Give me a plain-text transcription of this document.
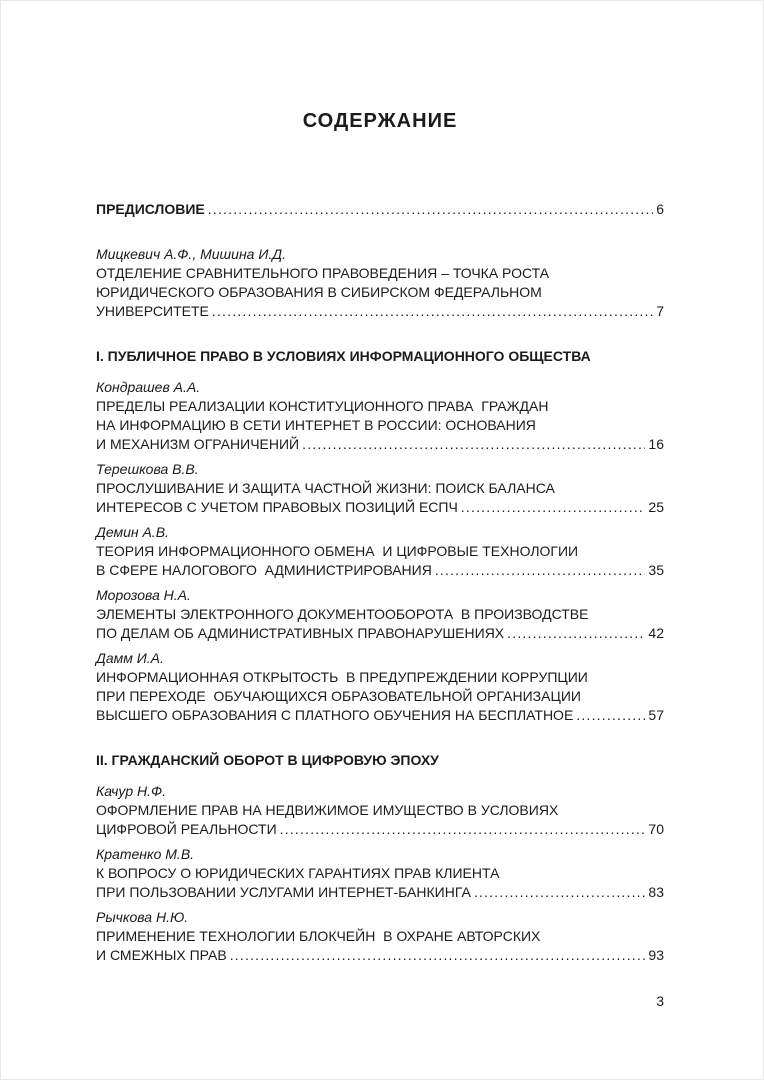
СОДЕРЖАНИЕ
ПРЕДИСЛОВИЕ .....	6
Мицкевич А.Ф., Мишина И.Д.
ОТДЕЛЕНИЕ СРАВНИТЕЛЬНОГО ПРАВОВЕДЕНИЯ – ТОЧКА РОСТА
ЮРИДИЧЕСКОГО ОБРАЗОВАНИЯ В СИБИРСКОМ ФЕДЕРАЛЬНОМ
УНИВЕРСИТЕТЕ .....	7
I. ПУБЛИЧНОЕ ПРАВО В УСЛОВИЯХ ИНФОРМАЦИОННОГО ОБЩЕСТВА
Кондрашев А.А.
ПРЕДЕЛЫ РЕАЛИЗАЦИИ КОНСТИТУЦИОННОГО ПРАВА  ГРАЖДАН
НА ИНФОРМАЦИЮ В СЕТИ ИНТЕРНЕТ В РОССИИ: ОСНОВАНИЯ
И МЕХАНИЗМ ОГРАНИЧЕНИЙ .....	16
Терешкова В.В.
ПРОСЛУШИВАНИЕ И ЗАЩИТА ЧАСТНОЙ ЖИЗНИ: ПОИСК БАЛАНСА
ИНТЕРЕСОВ С УЧЕТОМ ПРАВОВЫХ ПОЗИЦИЙ ЕСПЧ .....	25
Демин А.В.
ТЕОРИЯ ИНФОРМАЦИОННОГО ОБМЕНА  И ЦИФРОВЫЕ ТЕХНОЛОГИИ
В СФЕРЕ НАЛОГОВОГО  АДМИНИСТРИРОВАНИЯ .....	35
Морозова Н.А.
ЭЛЕМЕНТЫ ЭЛЕКТРОННОГО ДОКУМЕНТООБОРОТА  В ПРОИЗВОДСТВЕ
ПО ДЕЛАМ ОБ АДМИНИСТРАТИВНЫХ ПРАВОНАРУШЕНИЯХ .....	42
Дамм И.А.
ИНФОРМАЦИОННАЯ ОТКРЫТОСТЬ  В ПРЕДУПРЕЖДЕНИИ КОРРУПЦИИ
ПРИ ПЕРЕХОДЕ  ОБУЧАЮЩИХСЯ ОБРАЗОВАТЕЛЬНОЙ ОРГАНИЗАЦИИ
ВЫСШЕГО ОБРАЗОВАНИЯ С ПЛАТНОГО ОБУЧЕНИЯ НА БЕСПЛАТНОЕ .....	57
II. ГРАЖДАНСКИЙ ОБОРОТ В ЦИФРОВУЮ ЭПОХУ
Качур Н.Ф.
ОФОРМЛЕНИЕ ПРАВ НА НЕДВИЖИМОЕ ИМУЩЕСТВО В УСЛОВИЯХ
ЦИФРОВОЙ РЕАЛЬНОСТИ .....	70
Кратенко М.В.
К ВОПРОСУ О ЮРИДИЧЕСКИХ ГАРАНТИЯХ ПРАВ КЛИЕНТА
ПРИ ПОЛЬЗОВАНИИ УСЛУГАМИ ИНТЕРНЕТ-БАНКИНГА .....	83
Рычкова Н.Ю.
ПРИМЕНЕНИЕ ТЕХНОЛОГИИ БЛОКЧЕЙН  В ОХРАНЕ АВТОРСКИХ
И СМЕЖНЫХ ПРАВ .....	93
3
